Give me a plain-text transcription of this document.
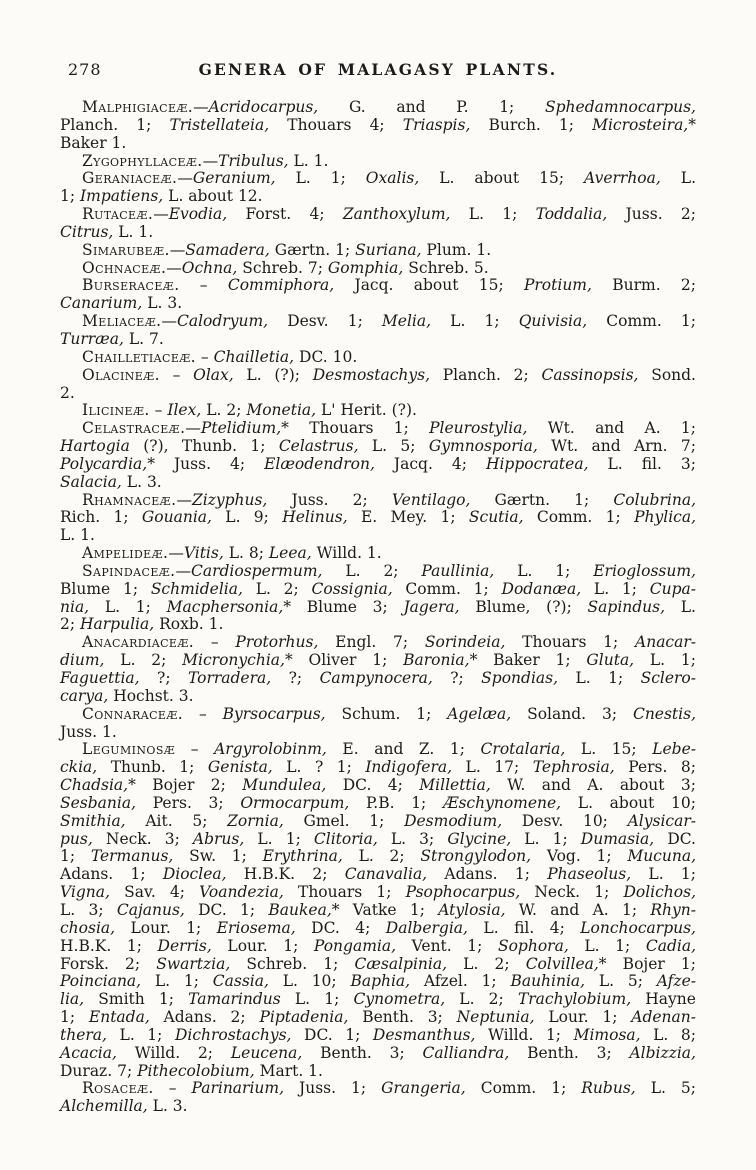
278	GENERA OF MALAGASY PLANTS.
Malphigiaceæ.—Acridocarpus, G. and P. 1; Sphedamnocarpus,
Planch. 1; Tristellateia, Thouars 4; Triaspis, Burch. 1; Microsteira,*
Baker 1.
Zygophyllaceæ.—Tribulus, L. 1.
Geraniaceæ.—Geranium, L. 1; Oxalis, L. about 15; Averrhoa, L.
1; Impatiens, L. about 12.
Rutaceæ.—Evodia, Forst. 4; Zanthoxylum, L. 1; Toddalia, Juss. 2;
Citrus, L. 1.
Simarubeæ.—Samadera, Gærtn. 1; Suriana, Plum. 1.
Ochnaceæ.—Ochna, Schreb. 7; Gomphia, Schreb. 5.
Burseraceæ. – Commiphora, Jacq. about 15; Protium, Burm. 2;
Canarium, L. 3.
Meliaceæ.—Calodryum, Desv. 1; Melia, L. 1; Quivisia, Comm. 1;
Turræa, L. 7.
Chailletiaceæ. – Chailletia, DC. 10.
Olacineæ. – Olax, L. (?); Desmostachys, Planch. 2; Cassinopsis, Sond.
2.
Ilicineæ. – Ilex, L. 2; Monetia, L' Herit. (?).
Celastraceæ.—Ptelidium,* Thouars 1; Pleurostylia, Wt. and A. 1;
Hartogia (?), Thunb. 1; Celastrus, L. 5; Gymnosporia, Wt. and Arn. 7;
Polycardia,* Juss. 4; Elæodendron, Jacq. 4; Hippocratea, L. fil. 3;
Salacia, L. 3.
Rhamnaceæ.—Zizyphus, Juss. 2; Ventilago, Gærtn. 1; Colubrina,
Rich. 1; Gouania, L. 9; Helinus, E. Mey. 1; Scutia, Comm. 1; Phylica,
L. 1.
Ampelideæ.—Vitis, L. 8; Leea, Willd. 1.
Sapindaceæ.—Cardiospermum, L. 2; Paullinia, L. 1; Erioglossum,
Blume 1; Schmidelia, L. 2; Cossignia, Comm. 1; Dodanæa, L. 1; Cupa-
nia, L. 1; Macphersonia,* Blume 3; Jagera, Blume, (?); Sapindus, L.
2; Harpulia, Roxb. 1.
Anacardiaceæ. – Protorhus, Engl. 7; Sorindeia, Thouars 1; Anacar-
dium, L. 2; Micronychia,* Oliver 1; Baronia,* Baker 1; Gluta, L. 1;
Faguettia, ?; Torradera, ?; Campynocera, ?; Spondias, L. 1; Sclero-
carya, Hochst. 3.
Connaraceæ. – Byrsocarpus, Schum. 1; Agelæa, Soland. 3; Cnestis,
Juss. 1.
Leguminosæ – Argyrolobinm, E. and Z. 1; Crotalaria, L. 15; Lebe-
ckia, Thunb. 1; Genista, L. ? 1; Indigofera, L. 17; Tephrosia, Pers. 8;
Chadsia,* Bojer 2; Mundulea, DC. 4; Millettia, W. and A. about 3;
Sesbania, Pers. 3; Ormocarpum, P.B. 1; Æschynomene, L. about 10;
Smithia, Ait. 5; Zornia, Gmel. 1; Desmodium, Desv. 10; Alysicar-
pus, Neck. 3; Abrus, L. 1; Clitoria, L. 3; Glycine, L. 1; Dumasia, DC.
1; Termanus, Sw. 1; Erythrina, L. 2; Strongylodon, Vog. 1; Mucuna,
Adans. 1; Dioclea, H.B.K. 2; Canavalia, Adans. 1; Phaseolus, L. 1;
Vigna, Sav. 4; Voandezia, Thouars 1; Psophocarpus, Neck. 1; Dolichos,
L. 3; Cajanus, DC. 1; Baukea,* Vatke 1; Atylosia, W. and A. 1; Rhyn-
chosia, Lour. 1; Eriosema, DC. 4; Dalbergia, L. fil. 4; Lonchocarpus,
H.B.K. 1; Derris, Lour. 1; Pongamia, Vent. 1; Sophora, L. 1; Cadia,
Forsk. 2; Swartzia, Schreb. 1; Cæsalpinia, L. 2; Colvillea,* Bojer 1;
Poinciana, L. 1; Cassia, L. 10; Baphia, Afzel. 1; Bauhinia, L. 5; Afze-
lia, Smith 1; Tamarindus L. 1; Cynometra, L. 2; Trachylobium, Hayne
1; Entada, Adans. 2; Piptadenia, Benth. 3; Neptunia, Lour. 1; Adenan-
thera, L. 1; Dichrostachys, DC. 1; Desmanthus, Willd. 1; Mimosa, L. 8;
Acacia, Willd. 2; Leucena, Benth. 3; Calliandra, Benth. 3; Albizzia,
Duraz. 7; Pithecolobium, Mart. 1.
Rosaceæ. – Parinarium, Juss. 1; Grangeria, Comm. 1; Rubus, L. 5;
Alchemilla, L. 3.
